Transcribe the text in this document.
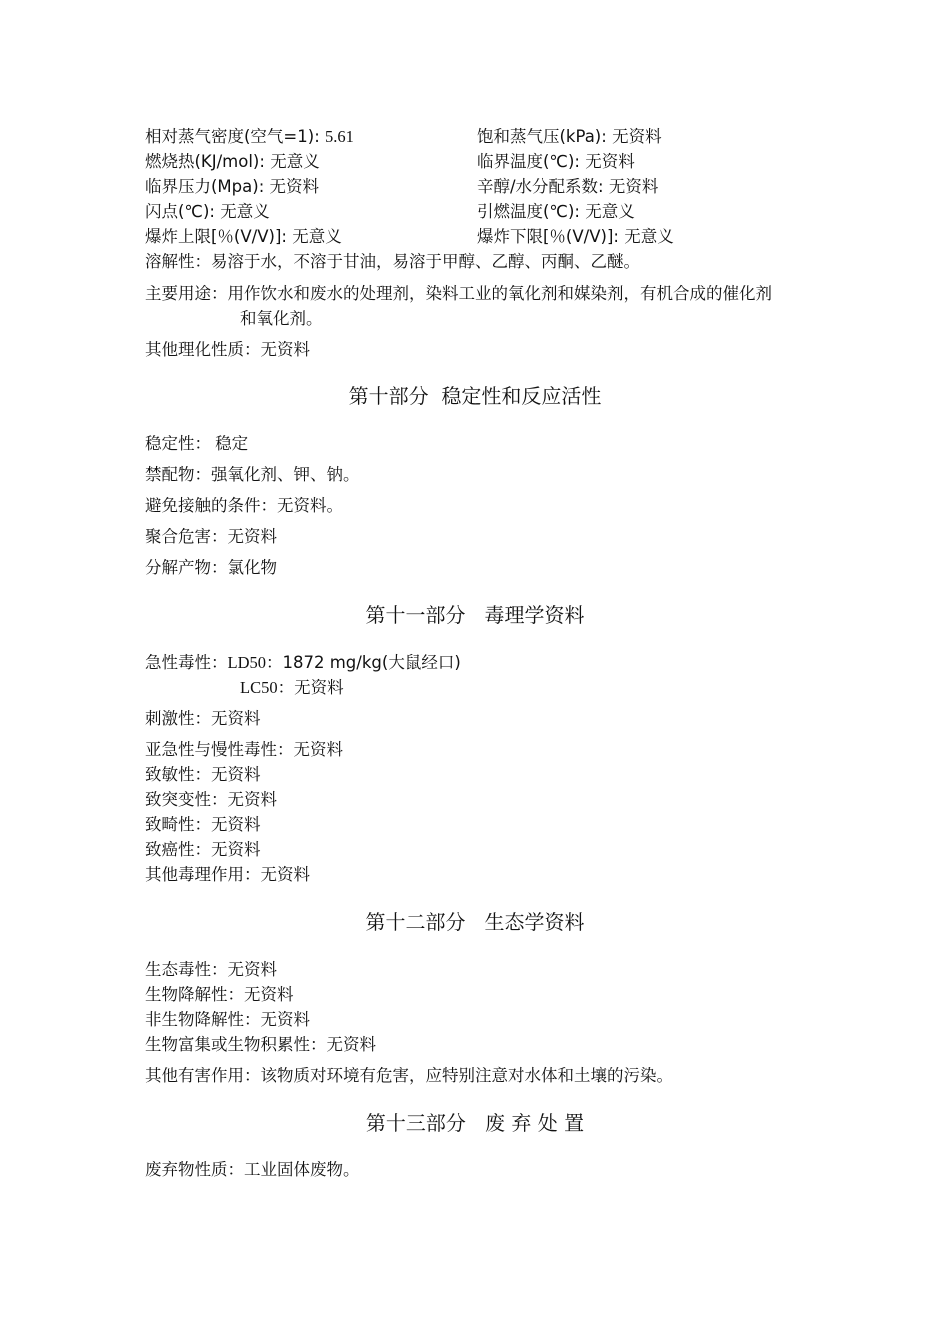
相对蒸气密度(空气=1): 5.61	饱和蒸气压(kPa): 无资料
燃烧热(KJ/mol): 无意义	临界温度(℃): 无资料
临界压力(Mpa): 无资料	辛醇/水分配系数: 无资料
闪点(℃): 无意义	引燃温度(℃): 无意义
爆炸上限[％(V/V)]: 无意义	爆炸下限[％(V/V)]: 无意义
溶解性：易溶于水，不溶于甘油，易溶于甲醇、乙醇、丙酮、乙醚。
主要用途：用作饮水和废水的处理剂，染料工业的氧化剂和媒染剂，有机合成的催化剂
和氧化剂。
其他理化性质：无资料
第十部分  稳定性和反应活性
稳定性： 稳定
禁配物：强氧化剂、钾、钠。
避免接触的条件：无资料。
聚合危害：无资料
分解产物：氯化物
第十一部分   毒理学资料
急性毒性：LD50：1872 mg/kg(大鼠经口)
LC50：无资料
刺激性：无资料
亚急性与慢性毒性：无资料
致敏性：无资料
致突变性：无资料
致畸性：无资料
致癌性：无资料
其他毒理作用：无资料
第十二部分   生态学资料
生态毒性：无资料
生物降解性：无资料
非生物降解性：无资料
生物富集或生物积累性：无资料
其他有害作用：该物质对环境有危害，应特别注意对水体和土壤的污染。
第十三部分   废 弃 处 置
废弃物性质：工业固体废物。
